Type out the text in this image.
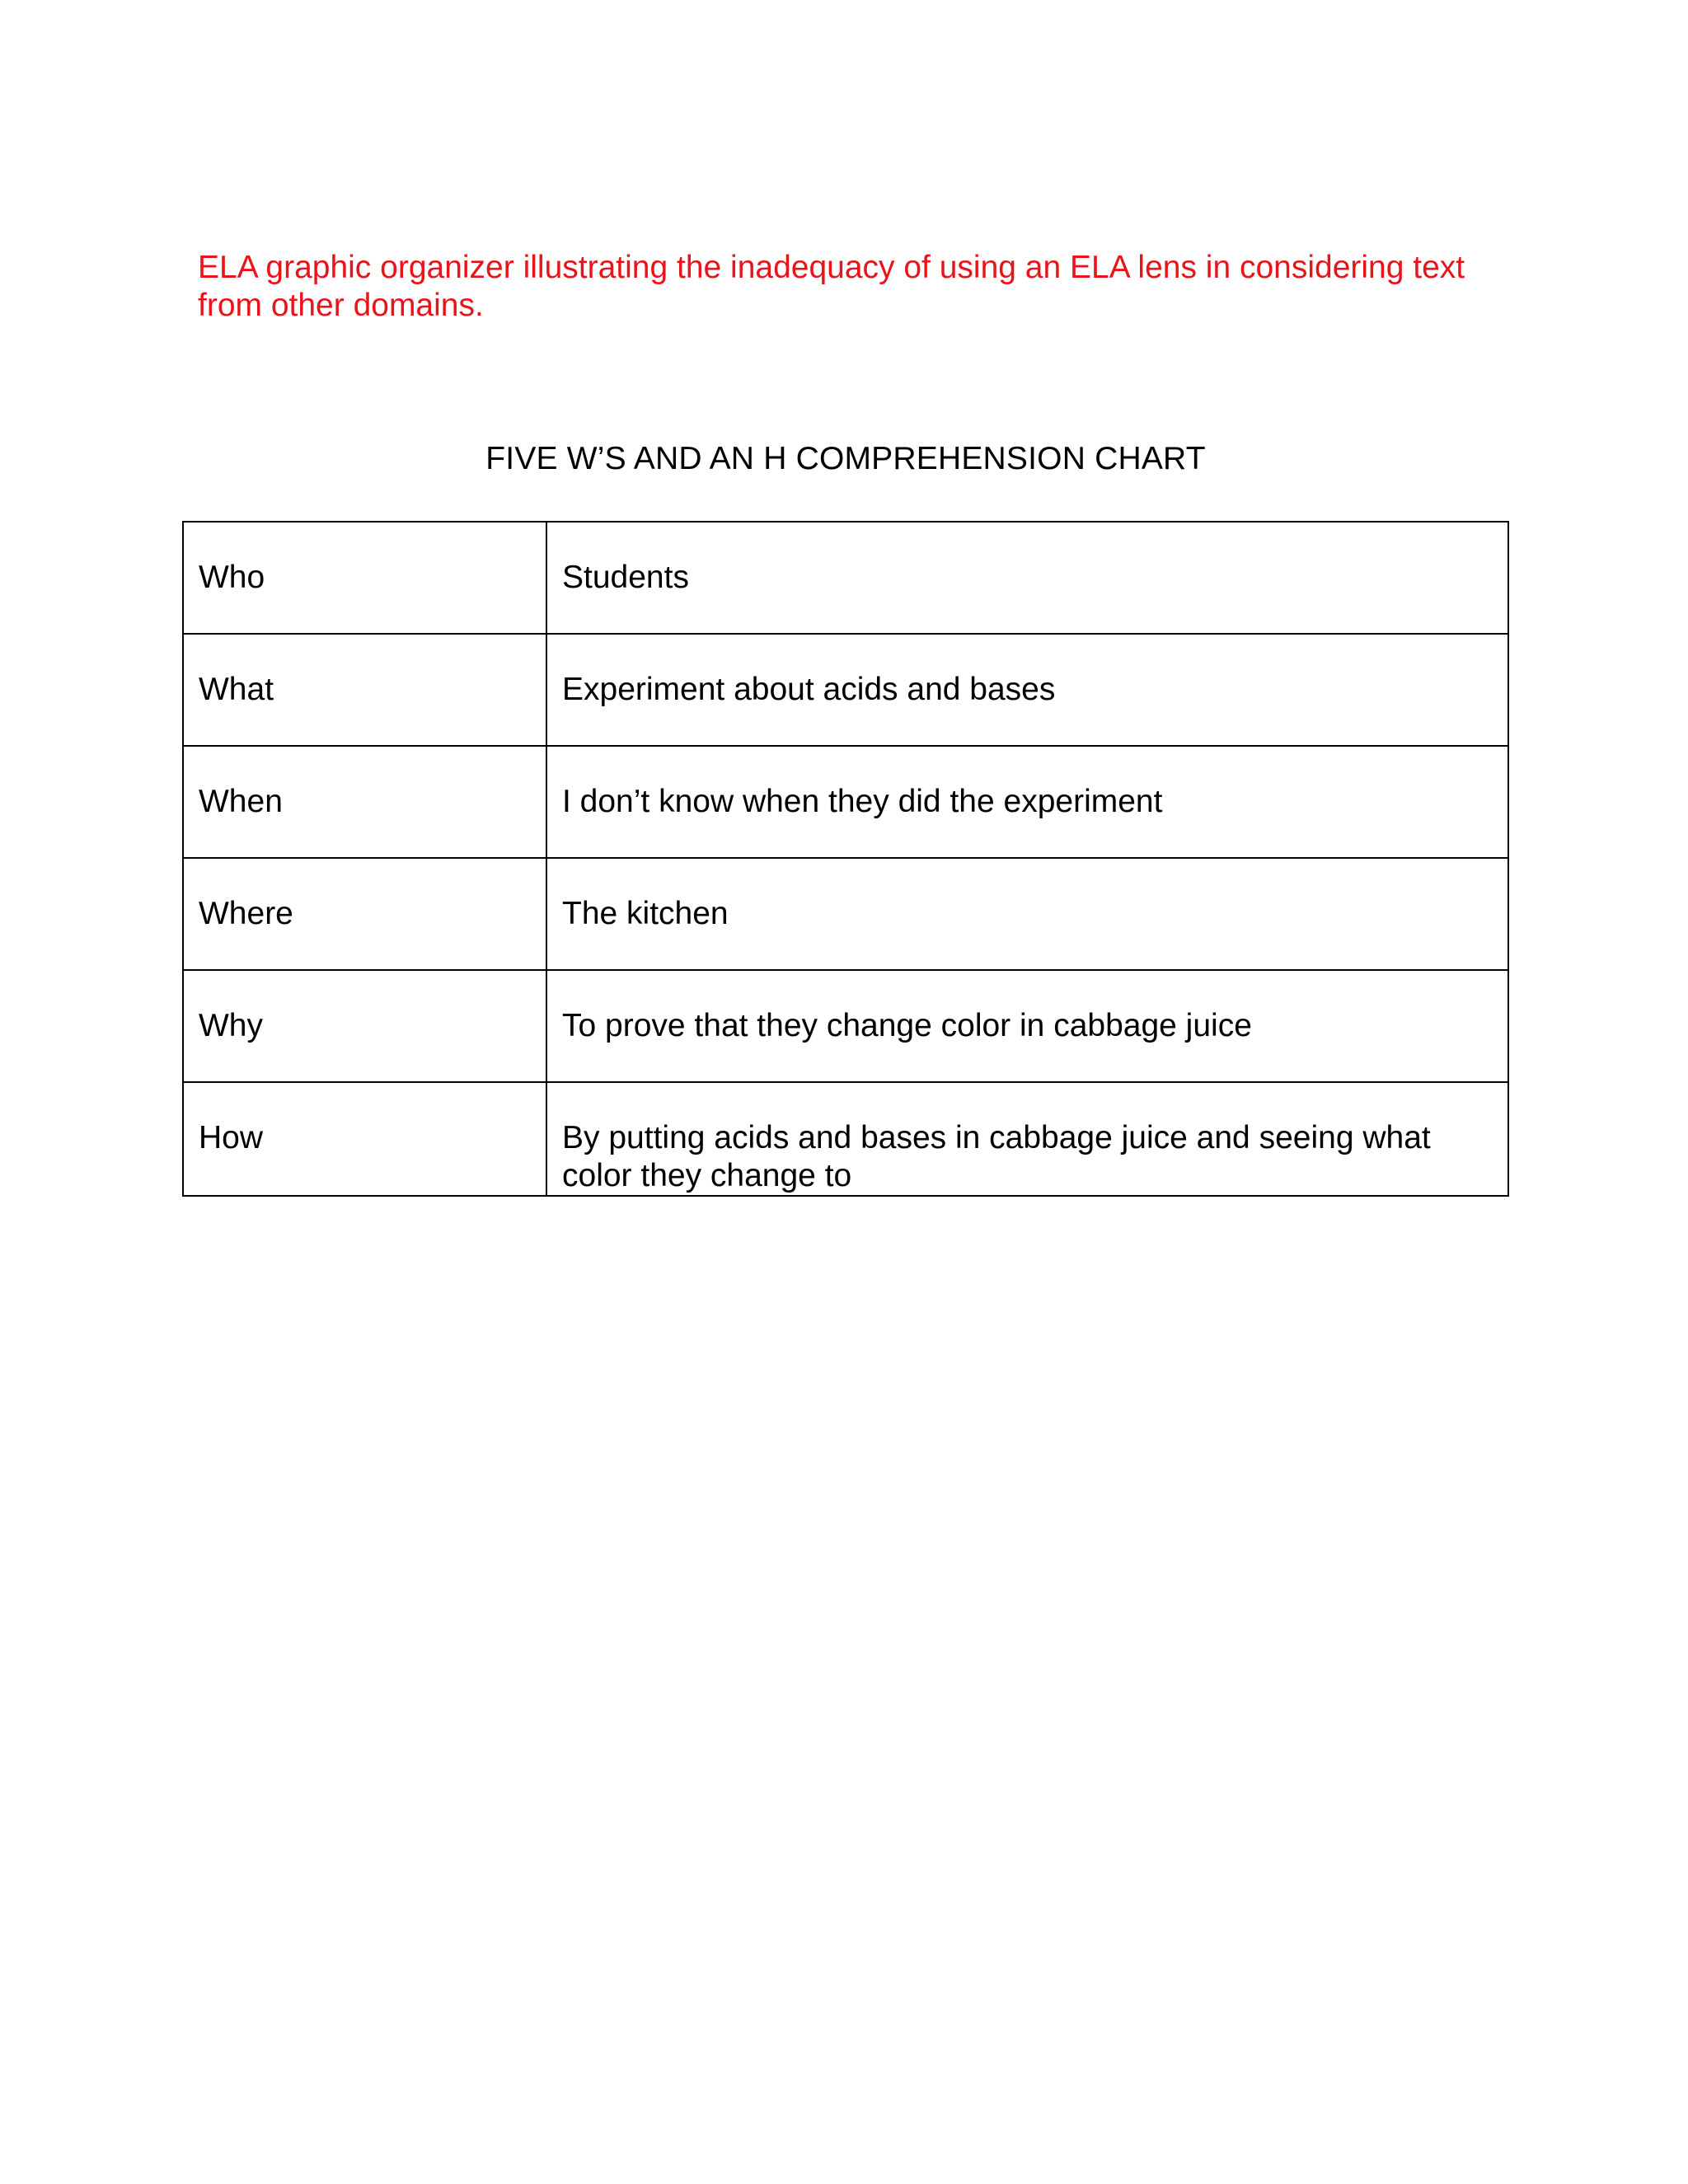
ELA graphic organizer illustrating the inadequacy of using an ELA lens in considering text from other domains.

FIVE W’S AND AN H COMPREHENSION CHART
Who	Students
What	Experiment about acids and bases
When	I don’t know when they did the experiment
Where	The kitchen
Why	To prove that they change color in cabbage juice
How	By putting acids and bases in cabbage juice and seeing what color they change to
